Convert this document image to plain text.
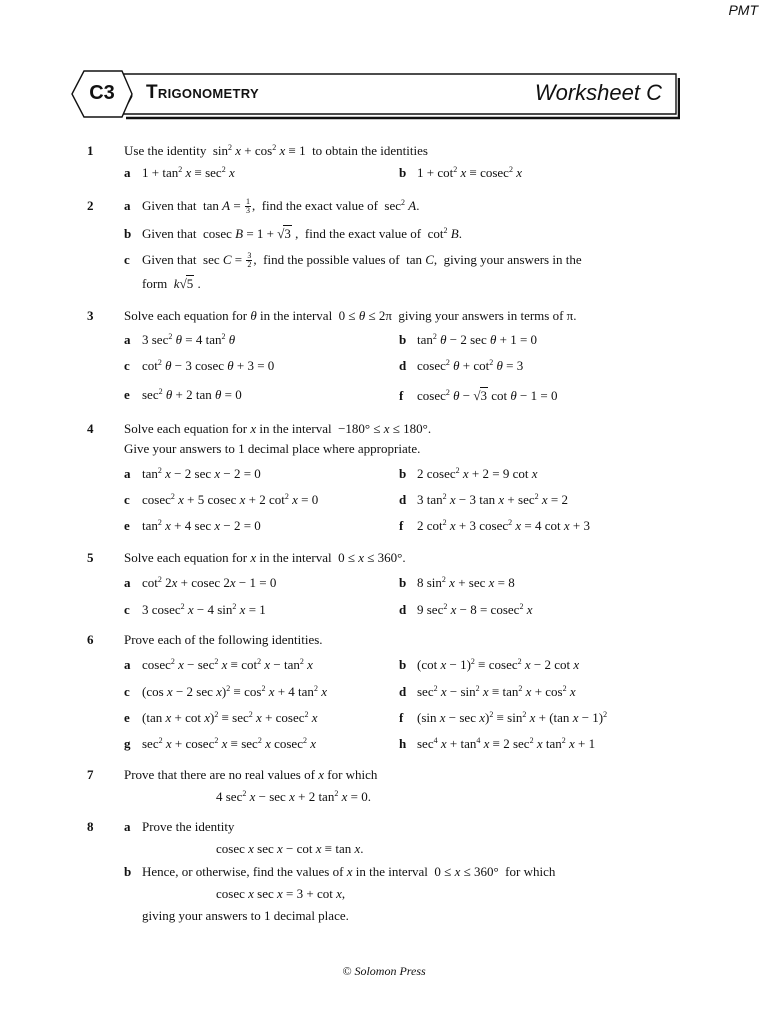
PMT
C3 Trigonometry	Worksheet C
1 Use the identity  $\sin^2 x + \cos^2 x \equiv 1$  to obtain the identities
a $1 + \tan^2 x \equiv \sec^2 x$	b $1 + \cot^2 x \equiv cosec^2$ x
2 a Given that  $\tan A = \frac{1}{3}$ ,  find the exact value of  $\sec^2 A$.
b Given that  cosec B = 1 + √3 ,  find the exact value of  $\cot^2 B$.
c Given that  $\sec C = \frac{3}{2}$ ,  find the possible values of  tan C,  giving your answers in the
form  k√5 .
3 Solve each equation for θ in the interval  0 ≤ θ ≤ 2π  giving your answers in terms of π.
a 3 $\sec^2 \theta = 4$ $\tan^2 \theta$	b $\tan^2 \theta - 2$ sec θ + 1 = 0
c $\cot^2 \theta - 3$ cosec θ + 3 = 0	d cosec$^2$ $\theta + \cot^2 \theta = 3$
e $\sec^2 \theta + 2$ tan θ = 0	f cosec$^2$ θ − √3 cot θ − 1 = 0
4 Solve each equation for x in the interval  −180° ≤ x ≤ 180°.
Give your answers to 1 decimal place where appropriate.
a $\tan^2 x - 2$ sec x − 2 = 0	b 2 cosec$^2$ x + 2 = 9 cot x
c cosec$^2$ x + 5 cosec x + 2 $\cot^2 x = 0$	d 3 $\tan^2 x - 3$ $\tan x + \sec^2 x = 2$
e $\tan^2 x + 4$ sec x − 2 = 0	f 2 $\cot^2 x + 3$ cosec$^2$ x = 4 cot x + 3
5 Solve each equation for x in the interval  0 ≤ x ≤ 360°.
a $\cot^2 2x + cosec$ 2x − 1 = 0	b 8 $\sin^2 x + \sec x = 8$
c 3 cosec$^2$ x − 4 $\sin^2 x = 1$	d 9 $\sec^2 x - 8 = cosec^2$ x
6 Prove each of the following identities.
a cosec$^2$ $x - \sec^2 x \equiv \cot^2 x - \tan^2 x$	b (cot x − 1)$^2$ ≡ cosec$^2$ x − 2 cot x
c (cos x − 2 $\sec x)^2 \equiv \cos^2 x + 4$ $\tan^2 x$	d $\sec^2 x - \sin^2 x \equiv \tan^2 x + \cos^2 x$
e (tan $x + \cot x)^2 \equiv \sec^2 x + cosec^2$ x	f (sin $x - \sec x)^2 \equiv \sin^2 x + (\tan$ x − 1)$^2$
g $\sec^2 x + cosec^2$ $x \equiv \sec^2 x$ cosec$^2$ x	h $\sec^4 x + \tan^4 x \equiv 2$ $\sec^2 x$ $\tan^2 x + 1$
7 Prove that there are no real values of x for which
4 $\sec^2 x - \sec x + 2$ $\tan^2 x = 0$.
8 a Prove the identity
cosec x sec x − cot x ≡ tan x.
b Hence, or otherwise, find the values of x in the interval  0 ≤ x ≤ 360°  for which
cosec x sec x = 3 + cot x,
giving your answers to 1 decimal place.
© Solomon Press
